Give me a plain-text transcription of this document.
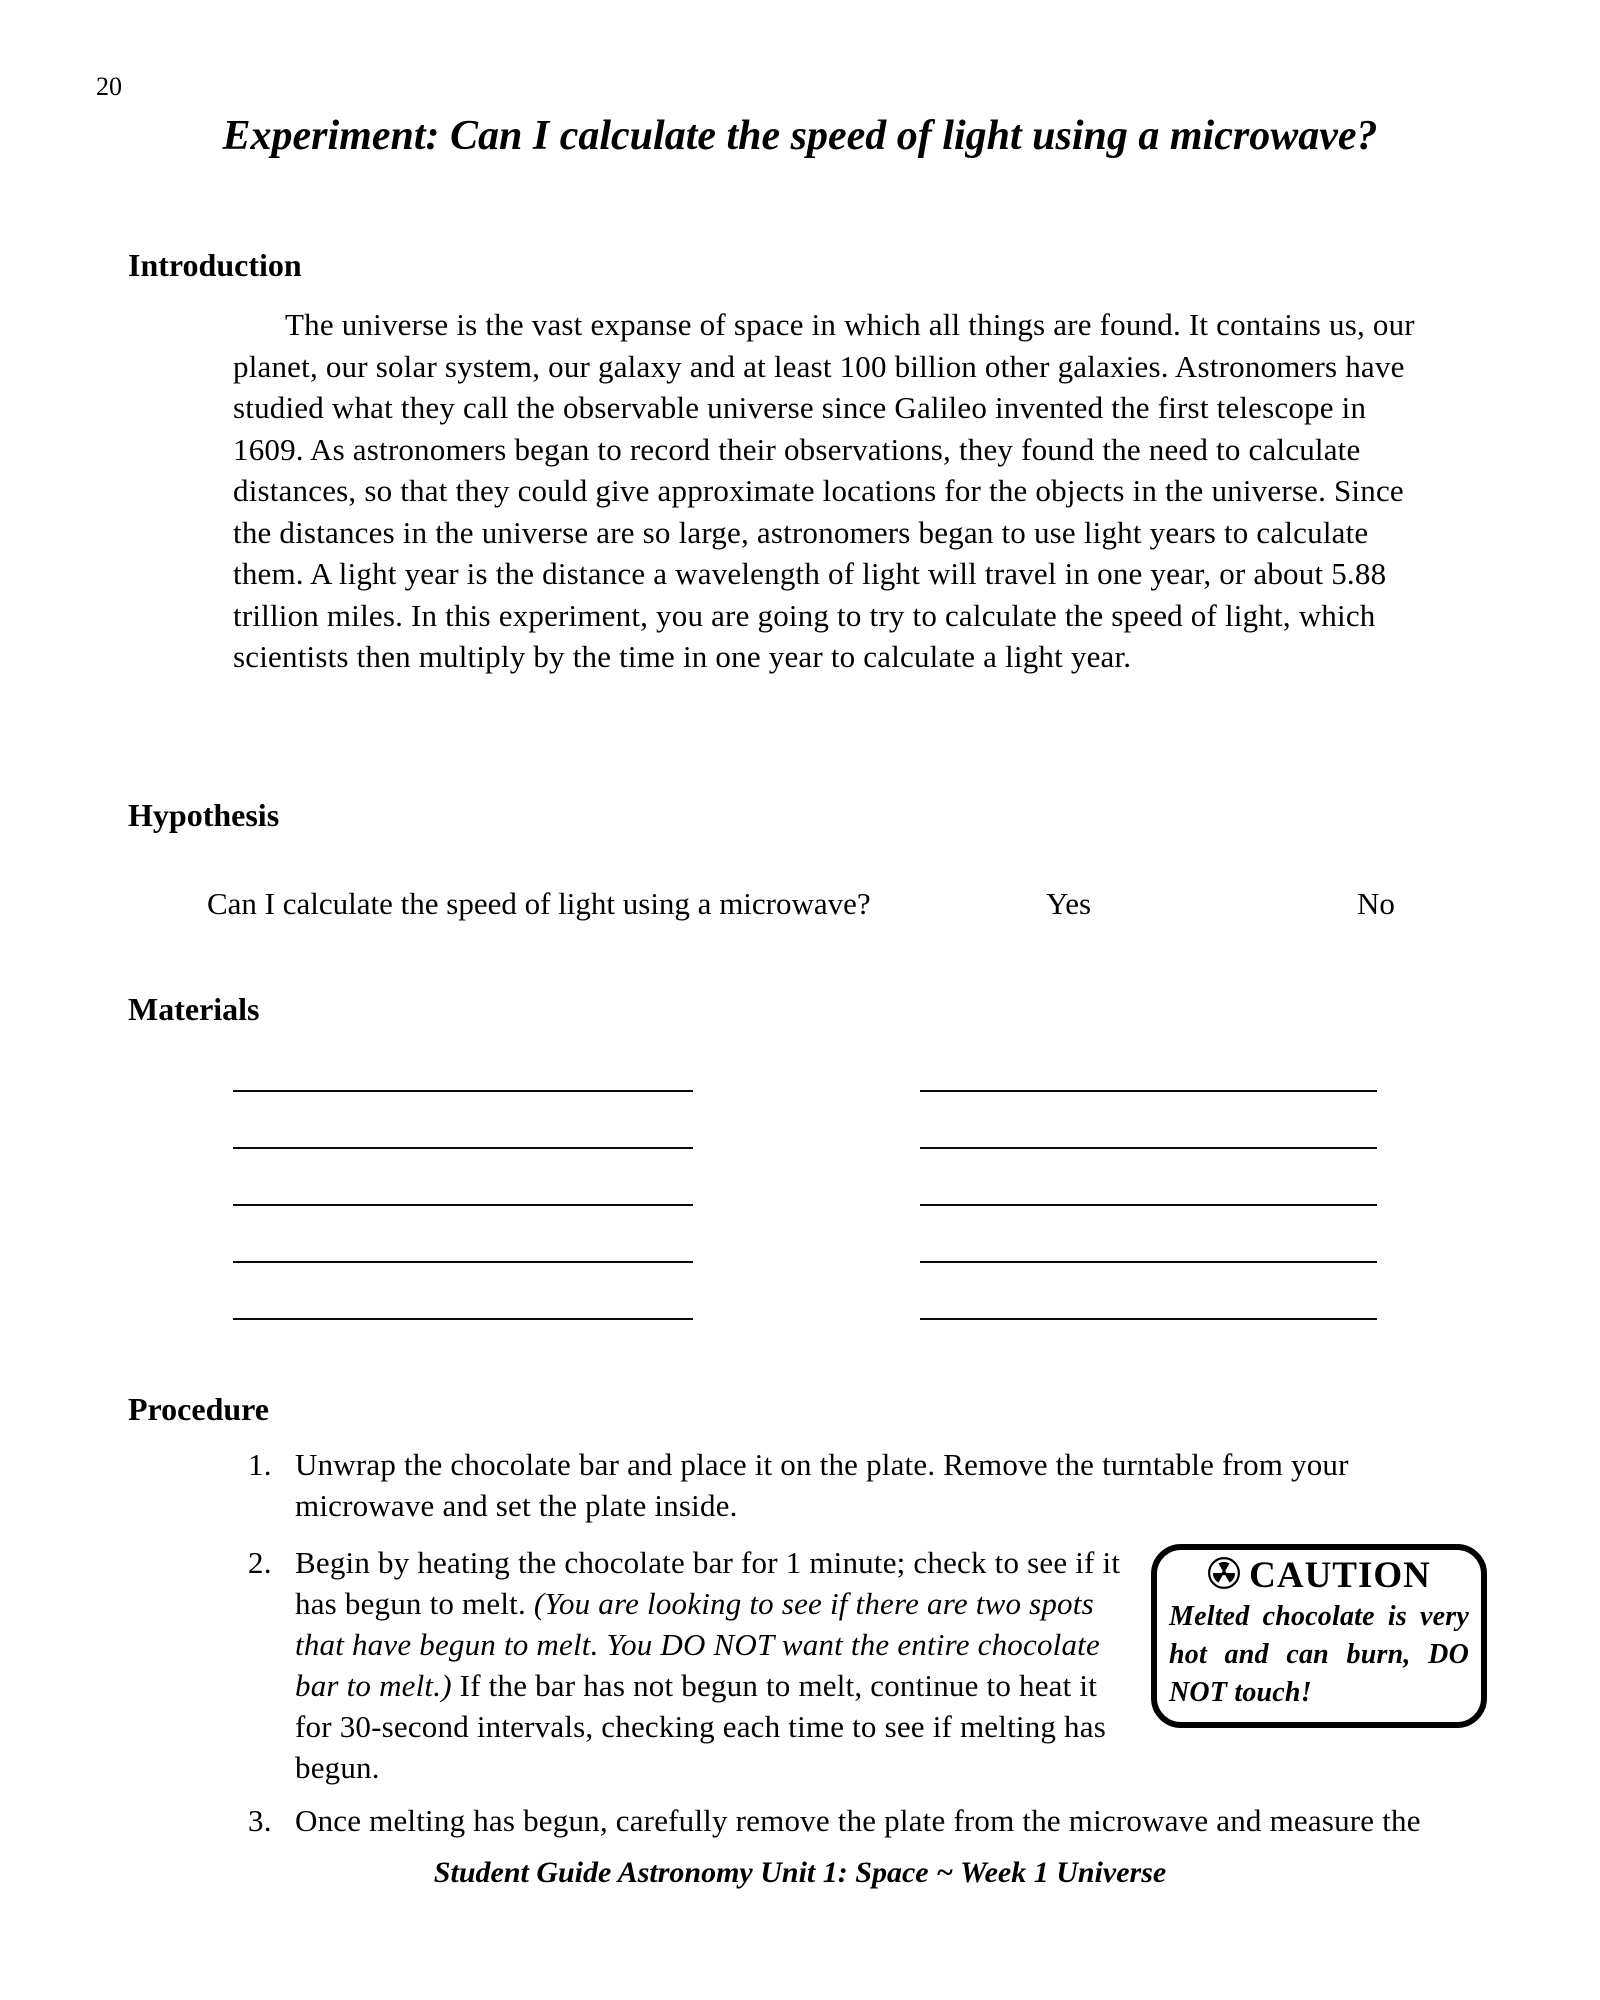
20
Experiment: Can I calculate the speed of light using a microwave?
Introduction

The universe is the vast expanse of space in which all things are found. It contains us, our planet, our solar system, our galaxy and at least 100 billion other galaxies. Astronomers have studied what they call the observable universe since Galileo invented the first telescope in 1609. As astronomers began to record their observations, they found the need to calculate distances, so that they could give approximate locations for the objects in the universe. Since the distances in the universe are so large, astronomers began to use light years to calculate them. A light year is the distance a wavelength of light will travel in one year, or about 5.88 trillion miles. In this experiment, you are going to try to calculate the speed of light, which scientists then multiply by the time in one year to calculate a light year.

Hypothesis
Can I calculate the speed of light using a microwave?	Yes	No
Materials
Procedure
1. Unwrap the chocolate bar and place it on the plate. Remove the turntable from your microwave and set the plate inside.
CAUTION
Melted chocolate is very hot and can burn, DO NOT touch!
2. Begin by heating the chocolate bar for 1 minute; check to see if it has begun to melt. (You are looking to see if there are two spots that have begun to melt. You DO NOT want the entire chocolate bar to melt.) If the bar has not begun to melt, continue to heat it for 30-second intervals, checking each time to see if melting has begun.
3. Once melting has begun, carefully remove the plate from the microwave and measure the
Student Guide Astronomy Unit 1: Space ~ Week 1 Universe
